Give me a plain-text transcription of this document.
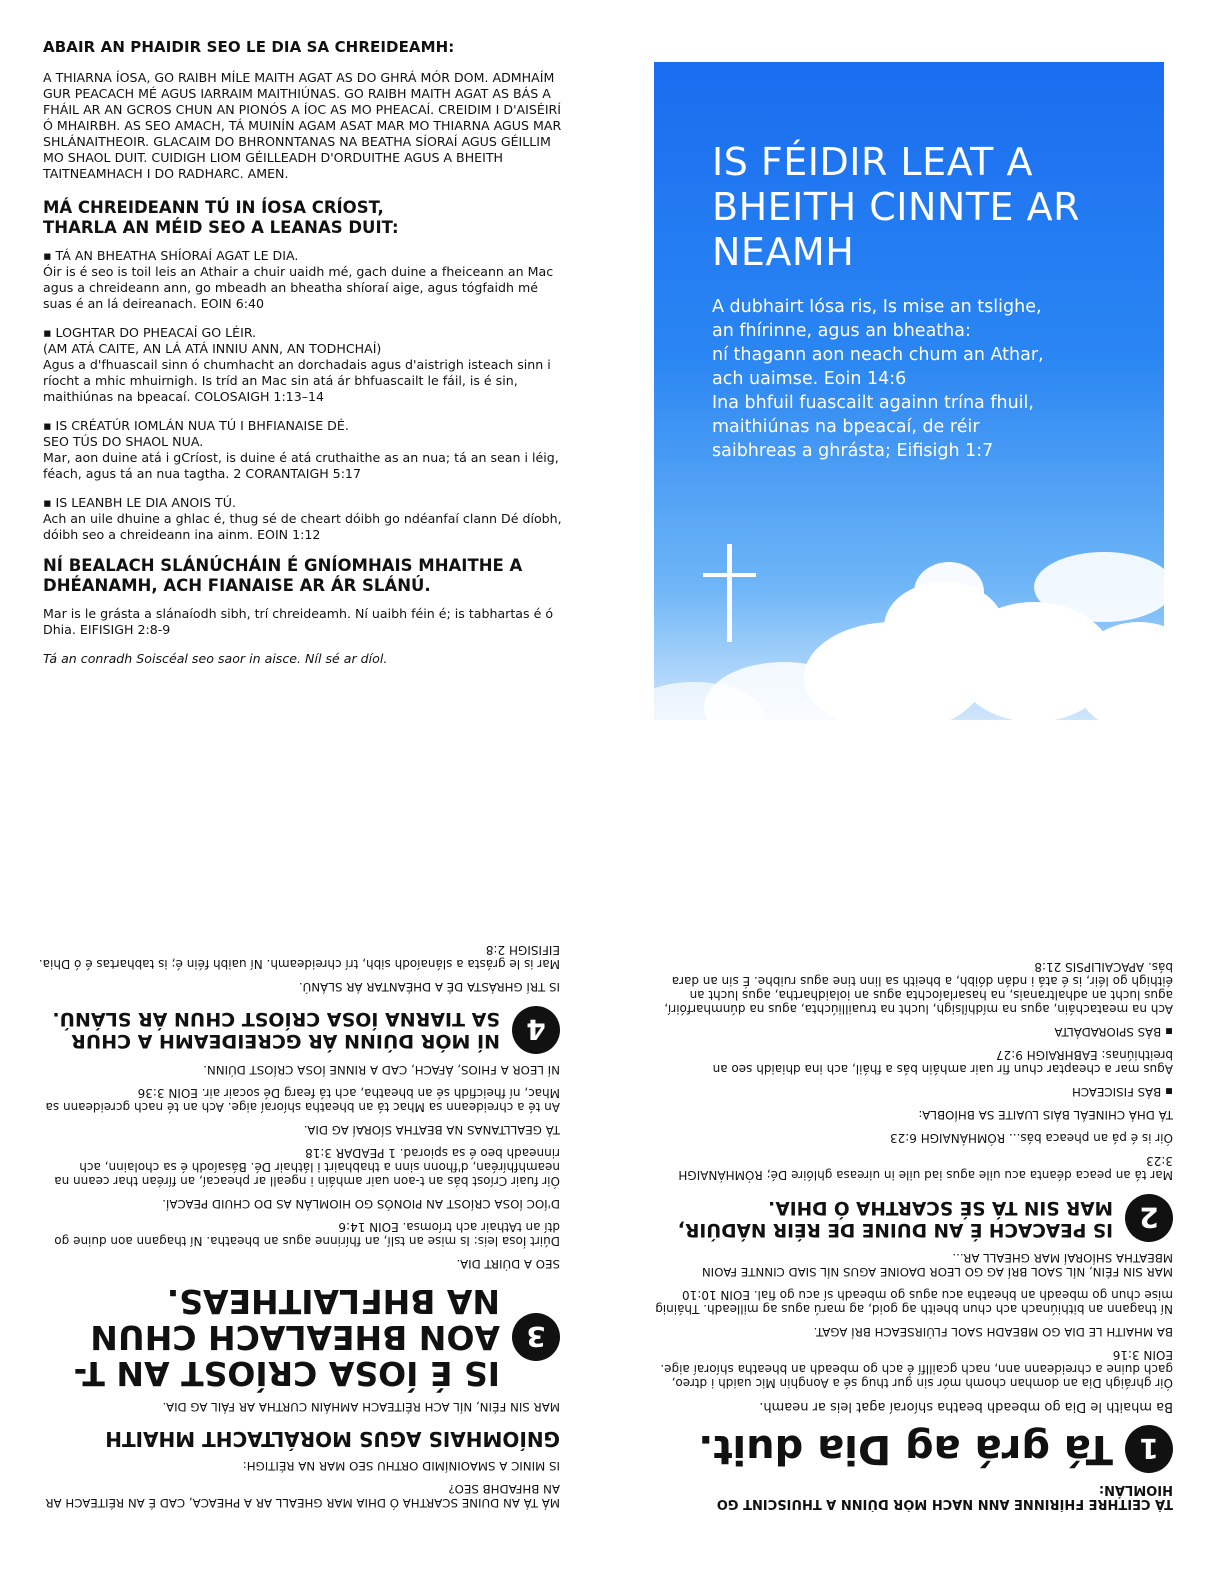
ABAIR AN PHAIDIR SEO LE DIA SA CHREIDEAMH:
A THIARNA ÍOSA, GO RAIBH MÍLE MAITH AGAT AS DO GHRÁ MÓR DOM. ADMHAÍM GUR PEACACH MÉ AGUS IARRAIM MAITHIÚNAS. GO RAIBH MAITH AGAT AS BÁS A FHÁIL AR AN GCROS CHUN AN PIONÓS A ÍOC AS MO PHEACAÍ. CREIDIM I D'AISÉIRÍ Ó MHAIRBH. AS SEO AMACH, TÁ MUINÍN AGAM ASAT MAR MO THIARNA AGUS MAR SHLÁNAITHEOIR. GLACAIM DO BHRONNTANAS NA BEATHA SÍORAÍ AGUS GÉILLIM MO SHAOL DUIT. CUIDIGH LIOM GÉILLEADH D'ORDUITHE AGUS A BHEITH TAITNEAMHACH I DO RADHARC. AMEN.
MÁ CHREIDEANN TÚ IN ÍOSA CRÍOST,
THARLA AN MÉID SEO A LEANAS DUIT:
▪ TÁ AN BHEATHA SHÍORAÍ AGAT LE DIA.
Óir is é seo is toil leis an Athair a chuir uaidh mé, gach duine a fheiceann an Mac agus a chreideann ann, go mbeadh an bheatha shíoraí aige, agus tógfaidh mé suas é an lá deireanach. EOIN 6:40
▪ LOGHTAR DO PHEACAÍ GO LÉIR.
(AM ATÁ CAITE, AN LÁ ATÁ INNIU ANN, AN TODHCHAÍ)
Agus a d'fhuascail sinn ó chumhacht an dorchadais agus d'aistrigh isteach sinn i ríocht a mhic mhuirnigh. Is tríd an Mac sin atá ár bhfuascailt le fáil, is é sin, maithiúnas na bpeacaí. COLOSAIGH 1:13–14
▪ IS CRÉATÚR IOMLÁN NUA TÚ I BHFIANAISE DÉ.
SEO TÚS DO SHAOL NUA.
Mar, aon duine atá i gCríost, is duine é atá cruthaithe as an nua; tá an sean i léig, féach, agus tá an nua tagtha. 2 CORANTAIGH 5:17
▪ IS LEANBH LE DIA ANOIS TÚ.
Ach an uile dhuine a ghlac é, thug sé de cheart dóibh go ndéanfaí clann Dé díobh, dóibh seo a chreideann ina ainm. EOIN 1:12
NÍ BEALACH SLÁNÚCHÁIN É GNÍOMHAIS MHAITHE A DHÉANAMH, ACH FIANAISE AR ÁR SLÁNÚ.
Mar is le grásta a slánaíodh sibh, trí chreideamh. Ní uaibh féin é; is tabhartas é ó Dhia. EIFISIGH 2:8-9
Tá an conradh Soiscéal seo saor in aisce. Níl sé ar díol.
IS FÉIDIR LEAT A BHEITH CINNTE AR NEAMH
A dubhairt Iósa ris, Is mise an tslighe,
an fhírinne, agus an bheatha:
ní thagann aon neach chum an Athar,
ach uaimse. Eoin 14:6
Ina bhfuil fuascailt againn trína fhuil,
maithiúnas na bpeacaí, de réir
saibhreas a ghrásta; Eifisigh 1:7
TÁ CEITHRE FHÍRINNE ANN NACH MÓR DÚINN A THUISCINT GO HIOMLÁN:
1
Tá grá ag Dia duit.
Ba mhaith le Dia go mbeadh beatha shíoraí agat leis ar neamh.
Óir ghráigh Dia an domhan chomh mór sin gur thug sé a Aonghin Mic uaidh i dtreo, gach duine a chreideann ann, nach gcaillfí é ach go mbeadh an bheatha shíoraí aige. EOIN 3:16
BA MHAITH LE DIA GO MBEADH SAOL FLÚIRSEACH BRÍ AGAT.
Ní thagann an bithiúnach ach chun bheith ag goid, ag marú agus ag milleadh. Tháinig mise chun go mbeadh an bheatha acu agus go mbeadh sí acu go fial. EOIN 10:10
MAR SIN FÉIN, NÍL SAOL BRÍ AG GO LEOR DAOINE AGUS NÍL SIAD CINNTE FAOIN MBEATHA SHÍORAÍ MAR GHEALL AR...
2
IS PEACACH É AN DUINE DE RÉIR NÁDÚIR, MAR SIN TÁ SÉ SCARTHA Ó DHIA.
Mar tá an peaca déanta acu uile agus iad uile in uireasa ghlóire Dé; RÓMHÁNAIGH 3:23
Óir is é pá an pheaca bás... RÓMHÁNAIGH 6:23
TÁ DHÁ CHINEÁL BÁIS LUAITE SA BHÍOBLA:
▪ BÁS FISICEACH
Agus mar a cheaptar chun fir uair amháin bás a fháil, ach ina dhiaidh seo an breithiúnas: EABHRAIGH 9:27
▪ BÁS SPIORADÁLTA
Ach na meatacháin, agus na mídhílsigh, lucht na truailliúchta, agus na dúnmharfóirí, agus lucht an adhaltranais, na hasarlaíochta agus an iolaidhartha, agus lucht an éithigh go léir, is é atá i ndán dóibh, a bheith sa linn tine agus ruibhe. É sin an dara bás. APACAILIPSIS 21:8
MÁ TÁ AN DUINE SCARTHA Ó DHIA MAR GHEALL AR A PHEACA, CAD É AN RÉITEACH AR AN BHFADHB SEO?
IS MINIC A SMAOINÍMID ORTHU SEO MAR NA RÉITIGH:
GNÍOMHAIS AGUS MORÁLTACHT MHAITH
MAR SIN FÉIN, NÍL ACH RÉITEACH AMHÁIN CURTHA AR FÁIL AG DIA.
3
IS É ÍOSA CRÍOST AN T-AON BHEALACH CHUN NA BHFLAITHEAS.
SEO A DÚIRT DIA.
Dúirt Íosa leis: Is mise an tslí, an fhírinne agus an bheatha. Ní thagann aon duine go dtí an tAthair ach tríomsa. EOIN 14:6
D'ÍOC ÍOSA CRÍOST AN PIONÓS GO HIOMLÁN AS DO CHUID PEACAÍ.
Óir fuair Críost bás an t-aon uair amháin i ngeall ar pheacaí, an fíréan thar ceann na neamhfhíréan, d'fhonn sinn a thabhairt i láthair Dé. Básaíodh é sa cholainn, ach rinneadh beo é sa spiorad. 1 PEADAR 3:18
TÁ GEALLTANAS NA BEATHA SÍORAÍ AG DIA.
An té a chreideann sa Mhac tá an bheatha shíoraí aige. Ach an té nach gcreideann sa Mhac, ní fheicfidh sé an bheatha, ach tá fearg Dé socair air. EOIN 3:36
NÍ LEOR A FHIOS, ÁFACH, CAD A RINNE ÍOSA CRÍOST DÚINN.
4
NÍ MÓR DÚINN ÁR GCREIDEAMH A CHUR SA TIARNA ÍOSA CRÍOST CHUN ÁR SLÁNÚ.
IS TRÍ GHRÁSTA DÉ A DHÉANTAR ÁR SLÁNÚ.
Mar is le grásta a slánaíodh sibh, trí chreideamh. Ní uaibh féin é; is tabhartas é ó Dhia. EIFISIGH 2:8
